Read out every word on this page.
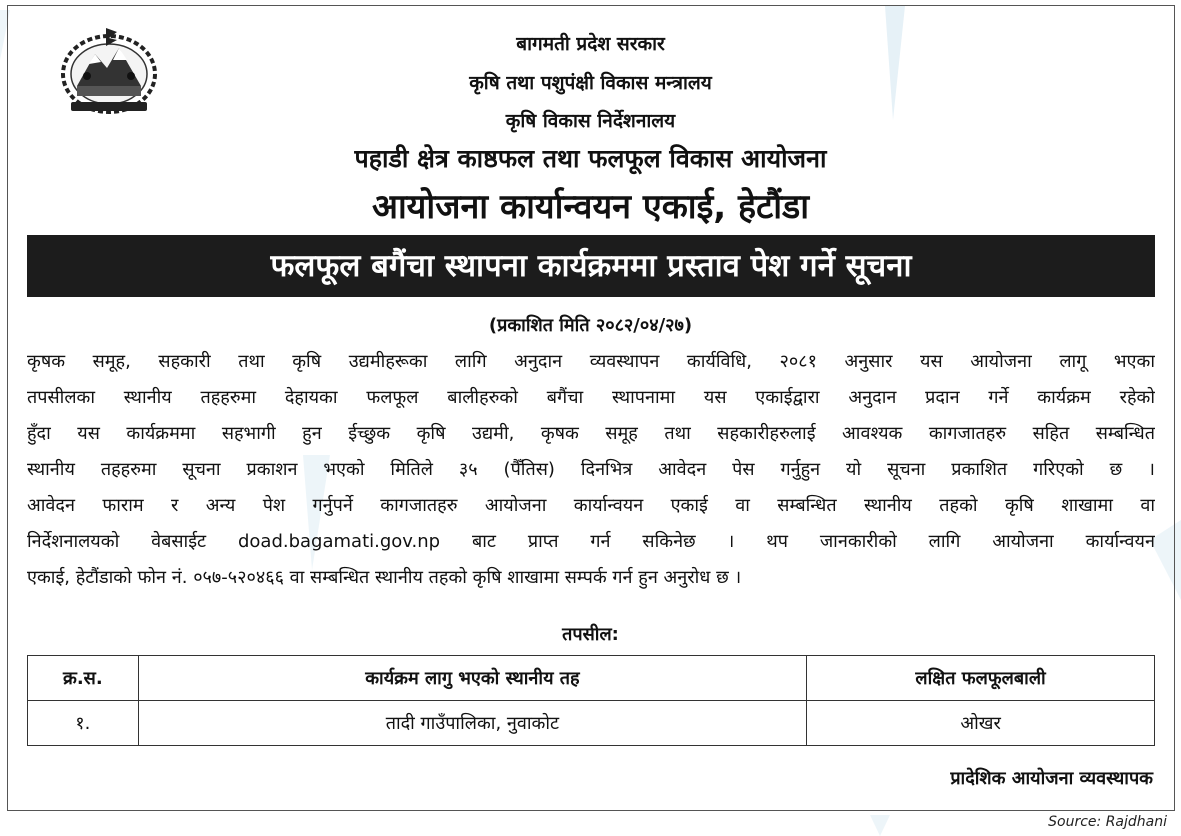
बागमती प्रदेश सरकार
कृषि तथा पशुपंक्षी विकास मन्त्रालय
कृषि विकास निर्देशनालय
पहाडी क्षेत्र काष्ठफल तथा फलफूल विकास आयोजना
आयोजना कार्यान्वयन एकाई, हेटौंडा
फलफूल बगैंचा स्थापना कार्यक्रममा प्रस्ताव पेश गर्ने सूचना
(प्रकाशित मिति २०८२/०४/२७)
कृषक समूह, सहकारी तथा कृषि उद्यमीहरूका लागि अनुदान व्यवस्थापन कार्यविधि, २०८१ अनुसार यस आयोजना लागू भएका
तपसीलका स्थानीय तहहरुमा देहायका फलफूल बालीहरुको बगैंचा स्थापनामा यस एकाईद्वारा अनुदान प्रदान गर्ने कार्यक्रम रहेको
हुँदा यस कार्यक्रममा सहभागी हुन ईच्छुक कृषि उद्यमी, कृषक समूह तथा सहकारीहरुलाई आवश्यक कागजातहरु सहित सम्बन्धित
स्थानीय तहहरुमा सूचना प्रकाशन भएको मितिले ३५ (पैँतिस) दिनभित्र आवेदन पेस गर्नुहुन यो सूचना प्रकाशित गरिएको छ ।
आवेदन फाराम र अन्य पेश गर्नुपर्ने कागजातहरु आयोजना कार्यान्वयन एकाई वा सम्बन्धित स्थानीय तहको कृषि शाखामा वा
निर्देशनालयको वेबसाईट doad.bagamati.gov.np बाट प्राप्त गर्न सकिनेछ । थप जानकारीको लागि आयोजना कार्यान्वयन
एकाई, हेटौंडाको फोन नं. ०५७-५२०४६६ वा सम्बन्धित स्थानीय तहको कृषि शाखामा सम्पर्क गर्न हुन अनुरोध छ ।
तपसील:
क्र.स.	कार्यक्रम लागु भएको स्थानीय तह	लक्षित फलफूलबाली
१.	तादी गाउँपालिका, नुवाकोट	ओखर
प्रादेशिक आयोजना व्यवस्थापक
Source: Rajdhani
